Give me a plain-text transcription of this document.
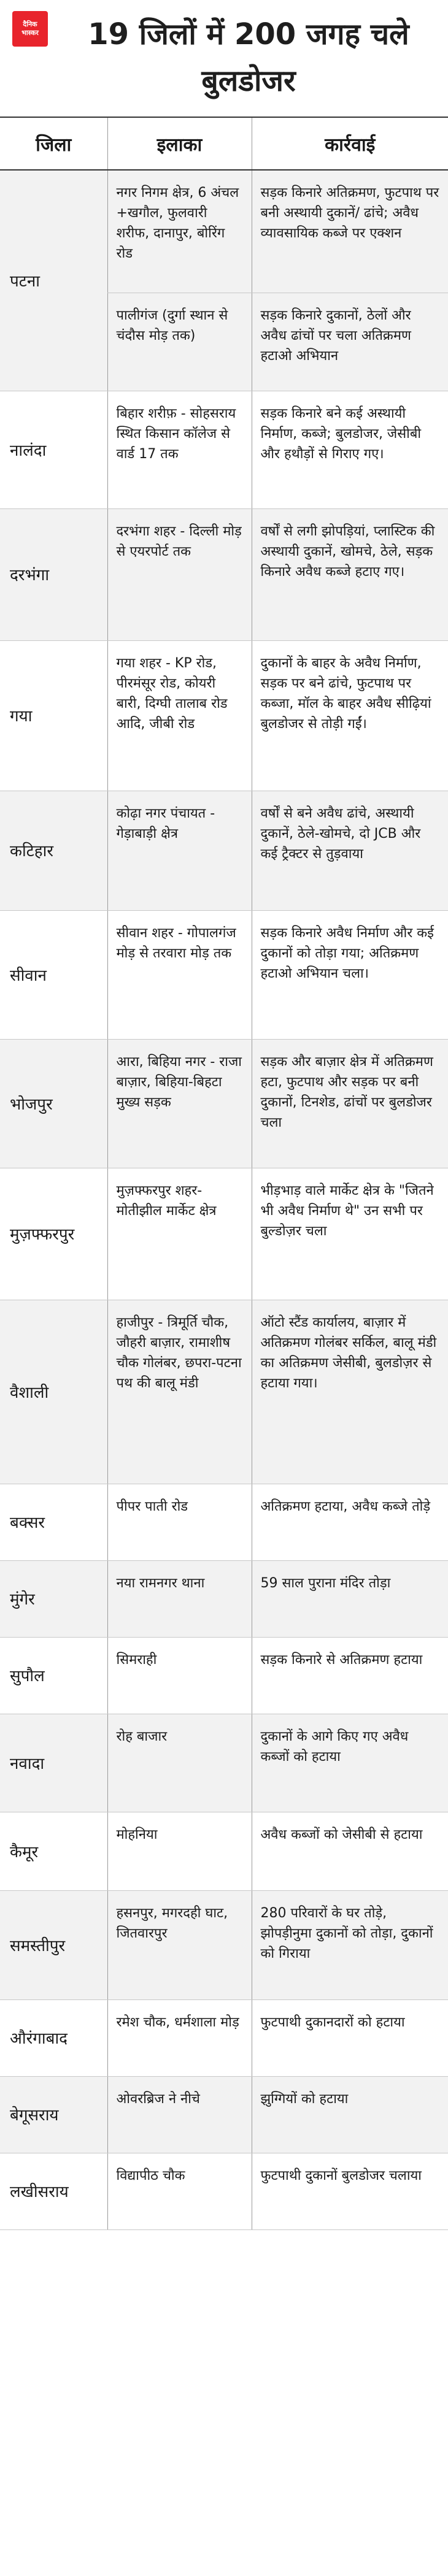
दैनिक
भास्कर	19 जिलों में 200 जगह चले बुलडोजर
जिला	इलाका	कार्रवाई
पटना	नगर निगम क्षेत्र, 6 अंचल +खगौल, फुलवारी शरीफ, दानापुर, बोरिंग रोड	सड़क किनारे अतिक्रमण, फुटपाथ पर बनी अस्थायी दुकानें/ ढांचे; अवैध व्यावसायिक कब्जे पर एक्शन
	पालीगंज (दुर्गा स्थान से चंदौस मोड़ तक)	सड़क किनारे दुकानों, ठेलों और अवैध ढांचों पर चला अतिक्रमण हटाओ अभियान
नालंदा	बिहार शरीफ़ - सोहसराय स्थित किसान कॉलेज से वार्ड 17 तक	सड़क किनारे बने कई अस्थायी निर्माण, कब्जे; बुलडोजर, जेसीबी और हथौड़ों से गिराए गए।
दरभंगा	दरभंगा शहर - दिल्ली मोड़ से एयरपोर्ट तक	वर्षों से लगी झोपड़ियां, प्लास्टिक की अस्थायी दुकानें, खोमचे, ठेले, सड़क किनारे अवैध कब्जे हटाए गए।
गया	गया शहर - KP रोड, पीरमंसूर रोड, कोयरी बारी, दिग्घी तालाब रोड आदि, जीबी रोड	दुकानों के बाहर के अवैध निर्माण, सड़क पर बने ढांचे, फुटपाथ पर कब्जा, मॉल के बाहर अवैध सीढ़ियां बुलडोजर से तोड़ी गईं।
कटिहार	कोढ़ा नगर पंचायत - गेड़ाबाड़ी क्षेत्र	वर्षों से बने अवैध ढांचे, अस्थायी दुकानें, ठेले-खोमचे, दो JCB और कई ट्रैक्टर से तुड़वाया
सीवान	सीवान शहर - गोपालगंज मोड़ से तरवारा मोड़ तक	सड़क किनारे अवैध निर्माण और कई दुकानों को तोड़ा गया; अतिक्रमण हटाओ अभियान चला।
भोजपुर	आरा, बिहिया नगर - राजा बाज़ार, बिहिया-बिहटा मुख्य सड़क	सड़क और बाज़ार क्षेत्र में अतिक्रमण हटा, फुटपाथ और सड़क पर बनी दुकानों, टिनशेड, ढांचों पर बुलडोजर चला
मुज़फ्फरपुर	मुज़फ्फरपुर शहर- मोतीझील मार्केट क्षेत्र	भीड़भाड़ वाले मार्केट क्षेत्र के "जितने भी अवैध निर्माण थे" उन सभी पर बुल्डोज़र चला
वैशाली	हाजीपुर - त्रिमूर्ति चौक, जौहरी बाज़ार, रामाशीष चौक गोलंबर, छपरा-पटना पथ की बालू मंडी	ऑटो स्टैंड कार्यालय, बाज़ार में अतिक्रमण गोलंबर सर्किल, बालू मंडी का अतिक्रमण जेसीबी, बुलडोज़र से हटाया गया।
बक्सर	पीपर पाती रोड	अतिक्रमण हटाया, अवैध कब्जे तोड़े
मुंगेर	नया रामनगर थाना	59 साल पुराना मंदिर तोड़ा
सुपौल	सिमराही	सड़क किनारे से अतिक्रमण हटाया
नवादा	रोह बाजार	दुकानों के आगे किए गए अवैध कब्जों को हटाया
कैमूर	मोहनिया	अवैध कब्जों को जेसीबी से हटाया
समस्तीपुर	हसनपुर, मगरदही घाट, जितवारपुर	280 परिवारों के घर तोड़े, झोपड़ीनुमा दुकानों को तोड़ा, दुकानों को गिराया
औरंगाबाद	रमेश चौक, धर्मशाला मोड़	फुटपाथी दुकानदारों को हटाया
बेगूसराय	ओवरब्रिज ने नीचे	झुग्गियों को हटाया
लखीसराय	विद्यापीठ चौक	फुटपाथी दुकानों बुलडोजर चलाया
